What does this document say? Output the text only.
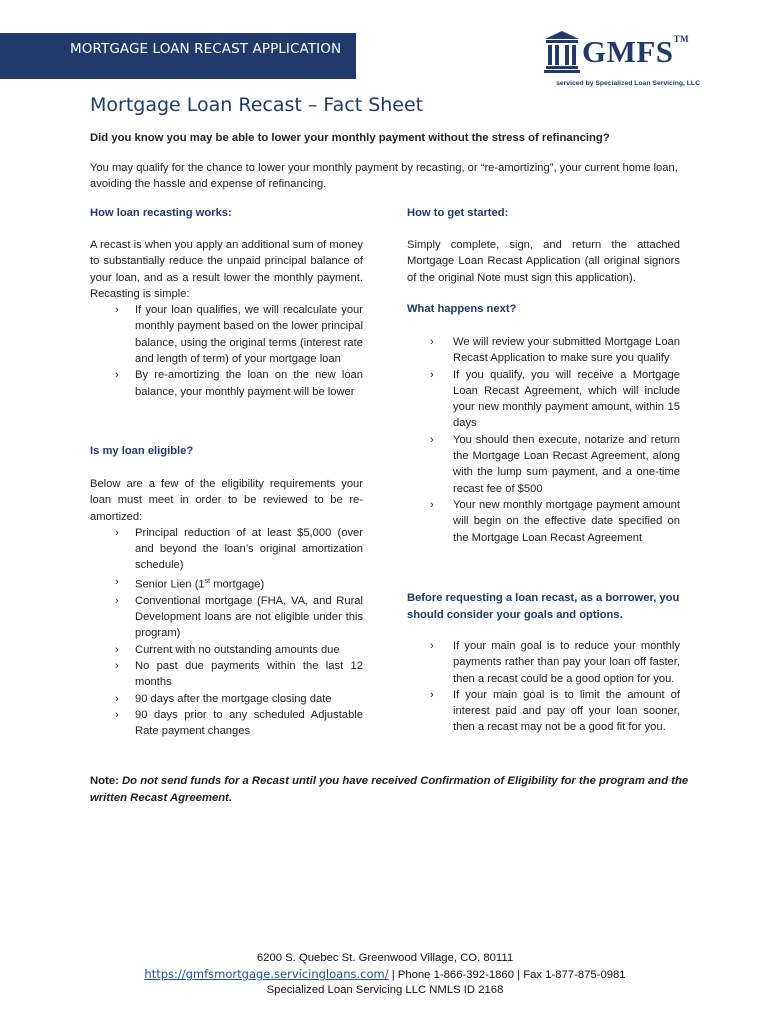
MORTGAGE LOAN RECAST APPLICATION	GMFS™
serviced by Specialized Loan Servicing, LLC
Mortgage Loan Recast – Fact Sheet

Did you know you may be able to lower your monthly payment without the stress of refinancing?

You may qualify for the chance to lower your monthly payment by recasting, or “re-amortizing”, your current home loan, avoiding the hassle and expense of refinancing.

How loan recasting works:

A recast is when you apply an additional sum of money to substantially reduce the unpaid principal balance of your loan, and as a result lower the monthly payment. Recasting is simple:

› If your loan qualifies, we will recalculate your monthly payment based on the lower principal balance, using the original terms (interest rate and length of term) of your mortgage loan
› By re-amortizing the loan on the new loan balance, your monthly payment will be lower
Is my loan eligible?

Below are a few of the eligibility requirements your loan must meet in order to be reviewed to be re-amortized:

› Principal reduction of at least $5,000 (over and beyond the loan’s original amortization schedule)
› Senior Lien (1st mortgage)
› Conventional mortgage (FHA, VA, and Rural Development loans are not eligible under this program)
› Current with no outstanding amounts due
› No past due payments within the last 12 months
› 90 days after the mortgage closing date
› 90 days prior to any scheduled Adjustable Rate payment changes
How to get started:

Simply complete, sign, and return the attached Mortgage Loan Recast Application (all original signors of the original Note must sign this application).

What happens next?
› We will review your submitted Mortgage Loan Recast Application to make sure you qualify
› If you qualify, you will receive a Mortgage Loan Recast Agreement, which will include your new monthly payment amount, within 15 days
› You should then execute, notarize and return the Mortgage Loan Recast Agreement, along with the lump sum payment, and a one-time recast fee of $500
› Your new monthly mortgage payment amount will begin on the effective date specified on the Mortgage Loan Recast Agreement
Before requesting a loan recast, as a borrower, you should consider your goals and options.
› If your main goal is to reduce your monthly payments rather than pay your loan off faster, then a recast could be a good option for you.
› If your main goal is to limit the amount of interest paid and pay off your loan sooner, then a recast may not be a good fit for you.
Note: Do not send funds for a Recast until you have received Confirmation of Eligibility for the program and the written Recast Agreement.
6200 S. Quebec St. Greenwood Village, CO. 80111
https://gmfsmortgage.servicingloans.com/ | Phone 1-866-392-1860 | Fax 1-877-875-0981
Specialized Loan Servicing LLC NMLS ID 2168
